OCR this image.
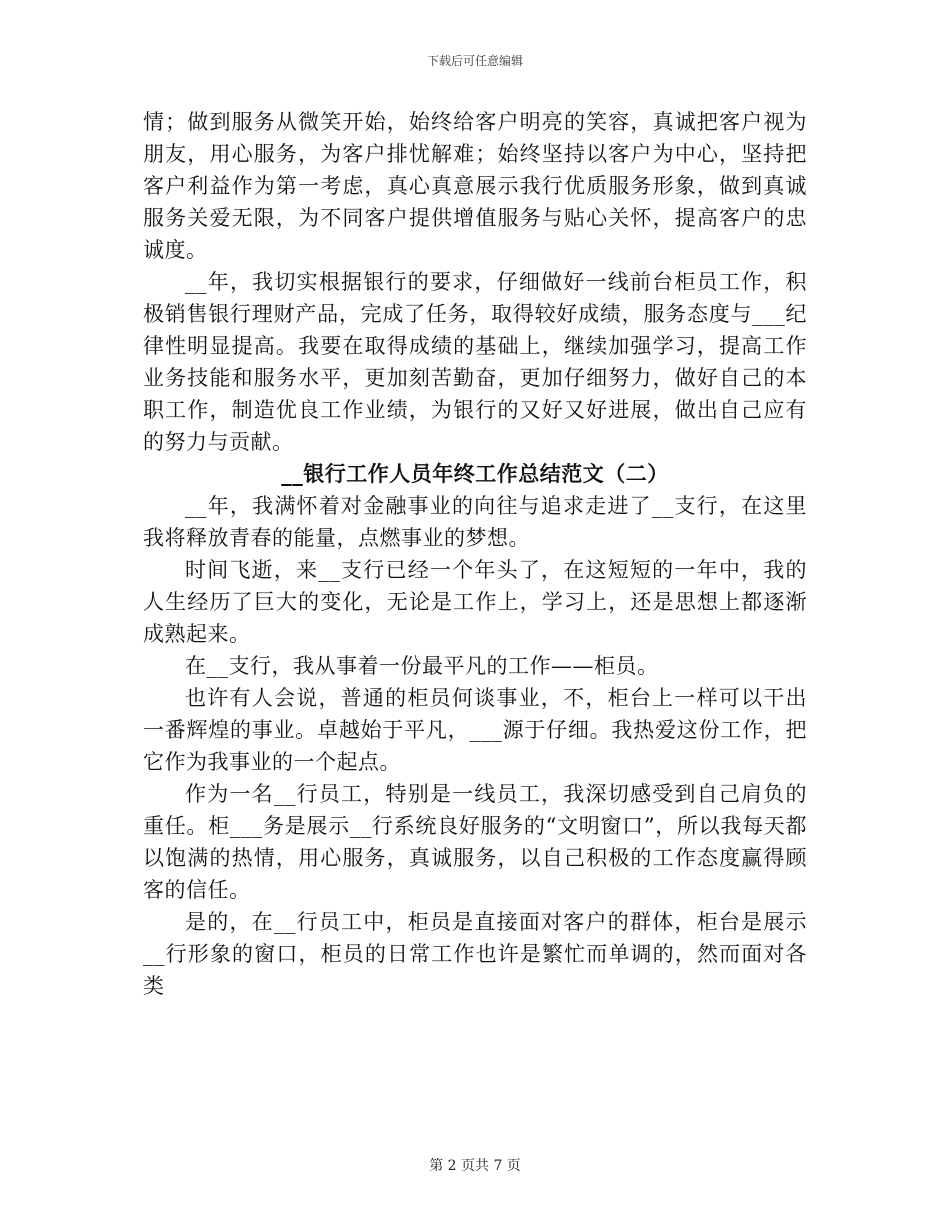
下载后可任意编辑

情；做到服务从微笑开始，始终给客户明亮的笑容，真诚把客户视为朋友，用心服务，为客户排忧解难；始终坚持以客户为中心，坚持把客户利益作为第一考虑，真心真意展示我行优质服务形象，做到真诚服务关爱无限，为不同客户提供增值服务与贴心关怀，提高客户的忠诚度。

__年，我切实根据银行的要求，仔细做好一线前台柜员工作，积极销售银行理财产品，完成了任务，取得较好成绩，服务态度与___纪律性明显提高。我要在取得成绩的基础上，继续加强学习，提高工作业务技能和服务水平，更加刻苦勤奋，更加仔细努力，做好自己的本职工作，制造优良工作业绩，为银行的又好又好进展，做出自己应有的努力与贡献。

__银行工作人员年终工作总结范文（二）

__年，我满怀着对金融事业的向往与追求走进了__支行，在这里我将释放青春的能量，点燃事业的梦想。

时间飞逝，来__支行已经一个年头了，在这短短的一年中，我的人生经历了巨大的变化，无论是工作上，学习上，还是思想上都逐渐成熟起来。

在__支行，我从事着一份最平凡的工作——柜员。

也许有人会说，普通的柜员何谈事业，不，柜台上一样可以干出一番辉煌的事业。卓越始于平凡，___源于仔细。我热爱这份工作，把它作为我事业的一个起点。

作为一名__行员工，特别是一线员工，我深切感受到自己肩负的重任。柜___务是展示__行系统良好服务的“文明窗口”，所以我每天都以饱满的热情，用心服务，真诚服务，以自己积极的工作态度赢得顾客的信任。

是的，在__行员工中，柜员是直接面对客户的群体，柜台是展示__行形象的窗口，柜员的日常工作也许是繁忙而单调的，然而面对各类

第 2 页共 7 页
